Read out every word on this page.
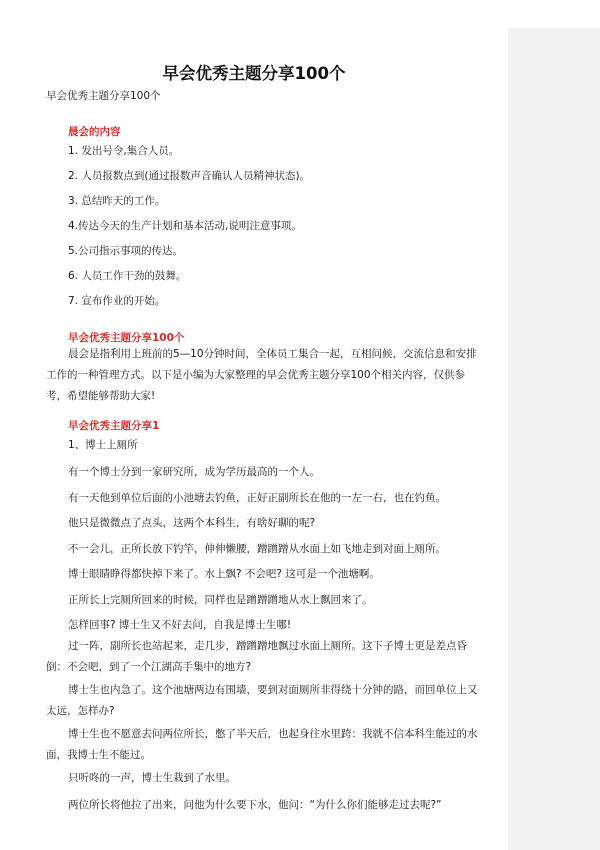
早会优秀主题分享100个

早会优秀主题分享100个

晨会的内容

1. 发出号令,集合人员。

2. 人员报数点到(通过报数声音确认人员精神状态)。

3. 总结昨天的工作。

4.传达今天的生产计划和基本活动,说明注意事项。

5.公司指示事项的传达。

6. 人员工作干劲的鼓舞。

7. 宣布作业的开始。

早会优秀主题分享100个

晨会是指利用上班前的5—10分钟时间，全体员工集合一起，互相问候，交流信息和安排工作的一种管理方式。以下是小编为大家整理的早会优秀主题分享100个相关内容，仅供参考，希望能够帮助大家!

早会优秀主题分享1

1、博士上厕所

有一个博士分到一家研究所，成为学历最高的一个人。

有一天他到单位后面的小池塘去钓鱼，正好正副所长在他的一左一右，也在钓鱼。

他只是微微点了点头，这两个本科生，有啥好聊的呢?

不一会儿，正所长放下钓竿，伸伸懒腰，蹭蹭蹭从水面上如飞地走到对面上厕所。

博士眼睛睁得都快掉下来了。水上飘? 不会吧? 这可是一个池塘啊。

正所长上完厕所回来的时候，同样也是蹭蹭蹭地从水上飘回来了。

怎样回事? 博士生又不好去问，自我是博士生哪!

过一阵，副所长也站起来，走几步，蹭蹭蹭地飘过水面上厕所。这下子博士更是差点昏倒：不会吧，到了一个江湖高手集中的地方?

博士生也内急了。这个池塘两边有围墙，要到对面厕所非得绕十分钟的路，而回单位上又太远，怎样办?

博士生也不愿意去问两位所长，憋了半天后，也起身往水里跨：我就不信本科生能过的水面，我博士生不能过。

只听咚的一声，博士生栽到了水里。

两位所长将他拉了出来，问他为什么要下水，他问：“为什么你们能够走过去呢?”
